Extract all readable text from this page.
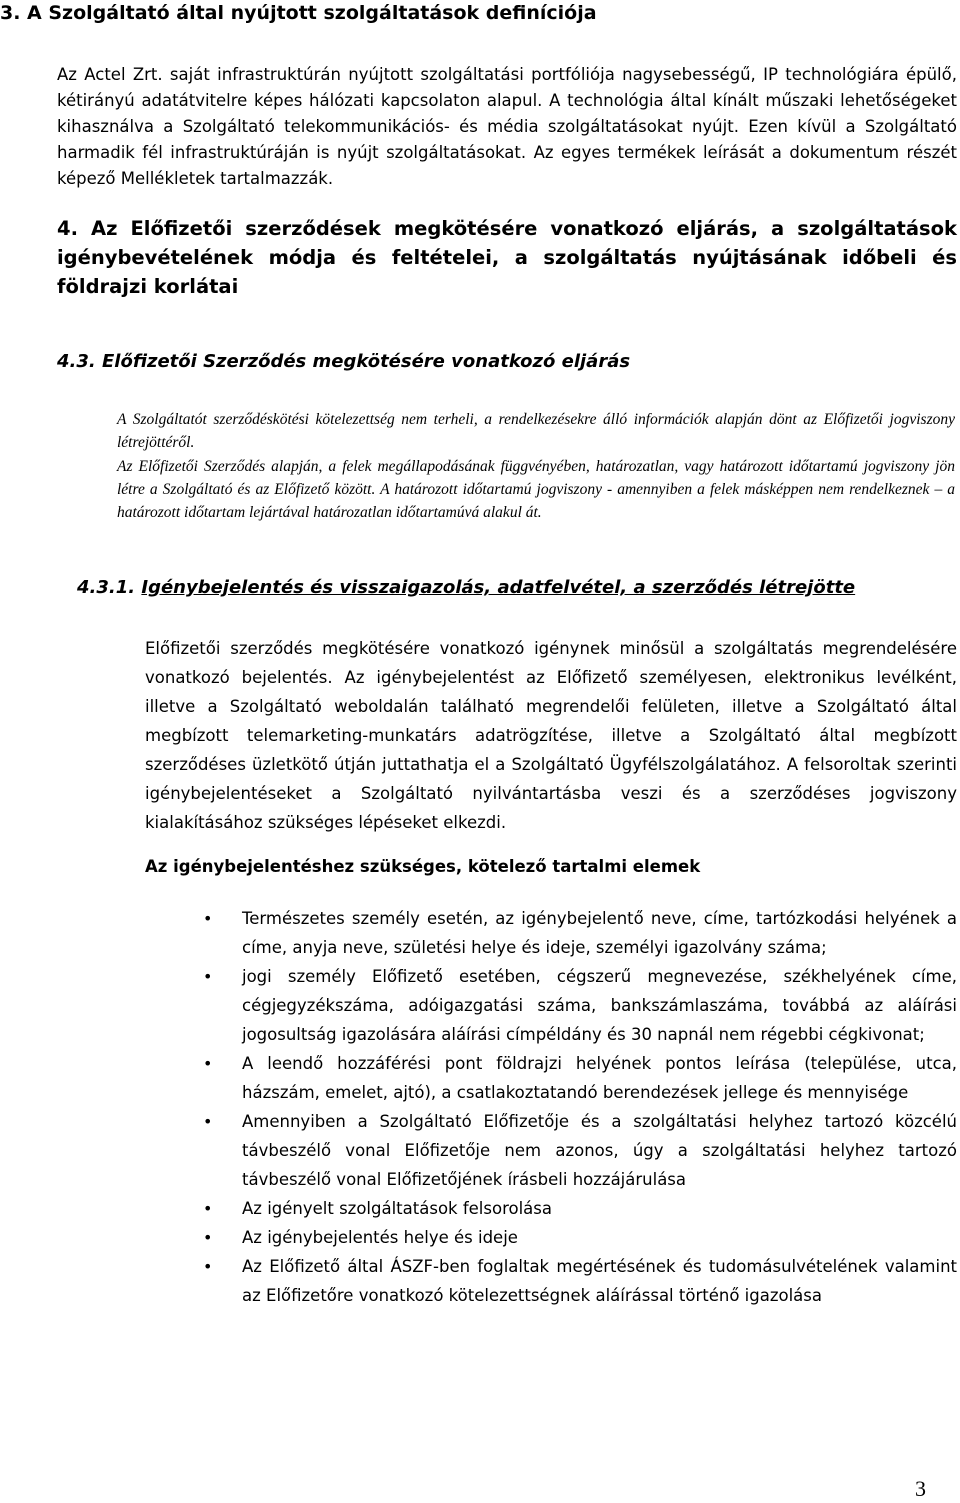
3. A Szolgáltató által nyújtott szolgáltatások definíciója
Az Actel Zrt. saját infrastruktúrán nyújtott szolgáltatási portfóliója nagysebességű, IP technológiára épülő, kétirányú adatátvitelre képes hálózati kapcsolaton alapul. A technológia által kínált műszaki lehetőségeket kihasználva a Szolgáltató telekommunikációs- és média szolgáltatásokat nyújt. Ezen kívül a Szolgáltató harmadik fél infrastruktúráján is nyújt szolgáltatásokat. Az egyes termékek leírását a dokumentum részét képező Mellékletek tartalmazzák.
4. Az Előfizetői szerződések megkötésére vonatkozó eljárás, a szolgáltatások igénybevételének módja és feltételei, a szolgáltatás nyújtásának időbeli és földrajzi korlátai
4.3. Előfizetői Szerződés megkötésére vonatkozó eljárás

A Szolgáltatót szerződéskötési kötelezettség nem terheli, a rendelkezésekre álló információk alapján dönt az Előfizetői jogviszony létrejöttéről.

Az Előfizetői Szerződés alapján, a felek megállapodásának függvényében, határozatlan, vagy határozott időtartamú jogviszony jön létre a Szolgáltató és az Előfizető között. A határozott időtartamú jogviszony - amennyiben a felek másképpen nem rendelkeznek – a határozott időtartam lejártával határozatlan időtartamúvá alakul át.

4.3.1. Igénybejelentés és visszaigazolás, adatfelvétel, a szerződés létrejötte
Előfizetői szerződés megkötésére vonatkozó igénynek minősül a szolgáltatás megrendelésére vonatkozó bejelentés. Az igénybejelentést az Előfizető személyesen, elektronikus levélként, illetve a Szolgáltató weboldalán található megrendelői felületen, illetve a Szolgáltató által megbízott telemarketing-munkatárs adatrögzítése, illetve a Szolgáltató által megbízott szerződéses üzletkötő útján juttathatja el a Szolgáltató Ügyfélszolgálatához. A felsoroltak szerinti igénybejelentéseket a Szolgáltató nyilvántartásba veszi és a szerződéses jogviszony kialakításához szükséges lépéseket elkezdi.
Az igénybejelentéshez szükséges, kötelező tartalmi elemek
• Természetes személy esetén, az igénybejelentő neve, címe, tartózkodási helyének a címe, anyja neve, születési helye és ideje, személyi igazolvány száma;
• jogi személy Előfizető esetében, cégszerű megnevezése, székhelyének címe, cégjegyzékszáma, adóigazgatási száma, bankszámlaszáma, továbbá az aláírási jogosultság igazolására aláírási címpéldány és 30 napnál nem régebbi cégkivonat;
• A leendő hozzáférési pont földrajzi helyének pontos leírása (települése, utca, házszám, emelet, ajtó), a csatlakoztatandó berendezések jellege és mennyisége
• Amennyiben a Szolgáltató Előfizetője és a szolgáltatási helyhez tartozó közcélú távbeszélő vonal Előfizetője nem azonos, úgy a szolgáltatási helyhez tartozó távbeszélő vonal Előfizetőjének írásbeli hozzájárulása
• Az igényelt szolgáltatások felsorolása
• Az igénybejelentés helye és ideje
• Az Előfizető által ÁSZF-ben foglaltak megértésének és tudomásulvételének valamint az Előfizetőre vonatkozó kötelezettségnek aláírással történő igazolása
3
